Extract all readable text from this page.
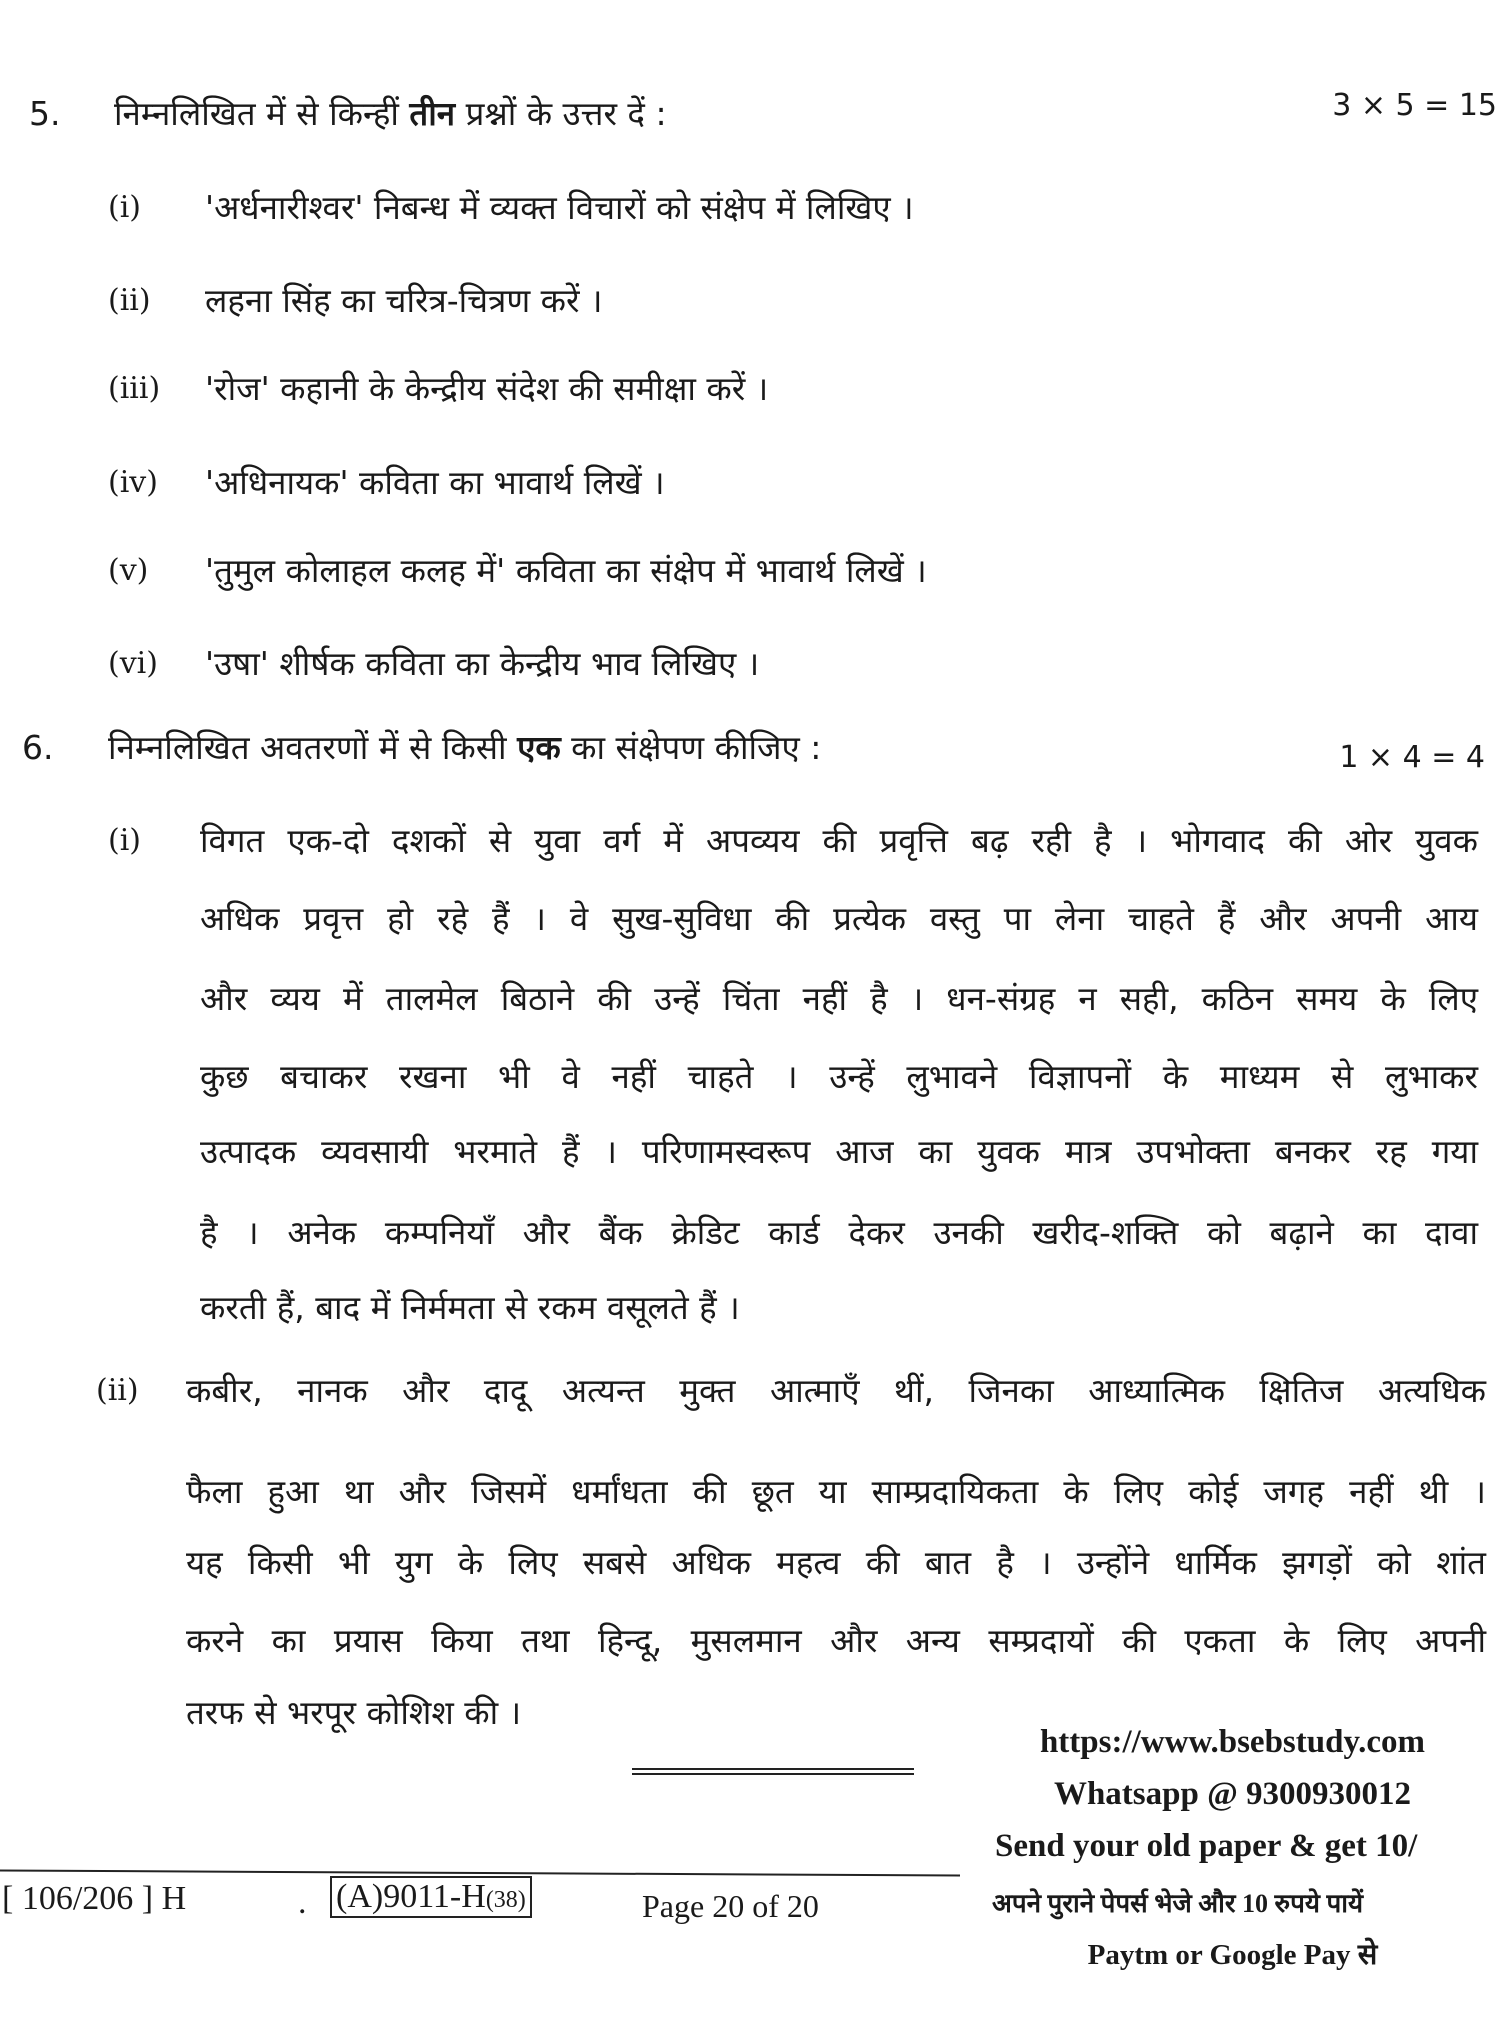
5. निम्नलिखित में से किन्हीं तीन प्रश्नों के उत्तर दें :	3 × 5 = 15
(i) 'अर्धनारीश्वर' निबन्ध में व्यक्त विचारों को संक्षेप में लिखिए ।
(ii) लहना सिंह का चरित्र-चित्रण करें ।
(iii) 'रोज' कहानी के केन्द्रीय संदेश की समीक्षा करें ।
(iv) 'अधिनायक' कविता का भावार्थ लिखें ।
(v) 'तुमुल कोलाहल कलह में' कविता का संक्षेप में भावार्थ लिखें ।
(vi) 'उषा' शीर्षक कविता का केन्द्रीय भाव लिखिए ।
6. निम्नलिखित अवतरणों में से किसी एक का संक्षेपण कीजिए :	1 × 4 = 4
(i) विगत एक-दो दशकों से युवा वर्ग में अपव्यय की प्रवृत्ति बढ़ रही है । भोगवाद की ओर युवक
अधिक प्रवृत्त हो रहे हैं । वे सुख-सुविधा की प्रत्येक वस्तु पा लेना चाहते हैं और अपनी आय
और व्यय में तालमेल बिठाने की उन्हें चिंता नहीं है । धन-संग्रह न सही, कठिन समय के लिए
कुछ बचाकर रखना भी वे नहीं चाहते । उन्हें लुभावने विज्ञापनों के माध्यम से लुभाकर
उत्पादक व्यवसायी भरमाते हैं । परिणामस्वरूप आज का युवक मात्र उपभोक्ता बनकर रह गया
है । अनेक कम्पनियाँ और बैंक क्रेडिट कार्ड देकर उनकी खरीद-शक्ति को बढ़ाने का दावा
करती हैं, बाद में निर्ममता से रकम वसूलते हैं ।
(ii) कबीर, नानक और दादू अत्यन्त मुक्त आत्माएँ थीं, जिनका आध्यात्मिक क्षितिज अत्यधिक
फैला हुआ था और जिसमें धर्मांधता की छूत या साम्प्रदायिकता के लिए कोई जगह नहीं थी ।
यह किसी भी युग के लिए सबसे अधिक महत्व की बात है । उन्होंने धार्मिक झगड़ों को शांत
करने का प्रयास किया तथा हिन्दू, मुसलमान और अन्य सम्प्रदायों की एकता के लिए अपनी
तरफ से भरपूर कोशिश की ।
[ 106/206 ] H	. (A)9011-H(38)	Page 20 of 20
https://www.bsebstudy.com
Whatsapp @ 9300930012
Send your old paper & get 10/
अपने पुराने पेपर्स भेजे और 10 रुपये पायें
Paytm or Google Pay से
